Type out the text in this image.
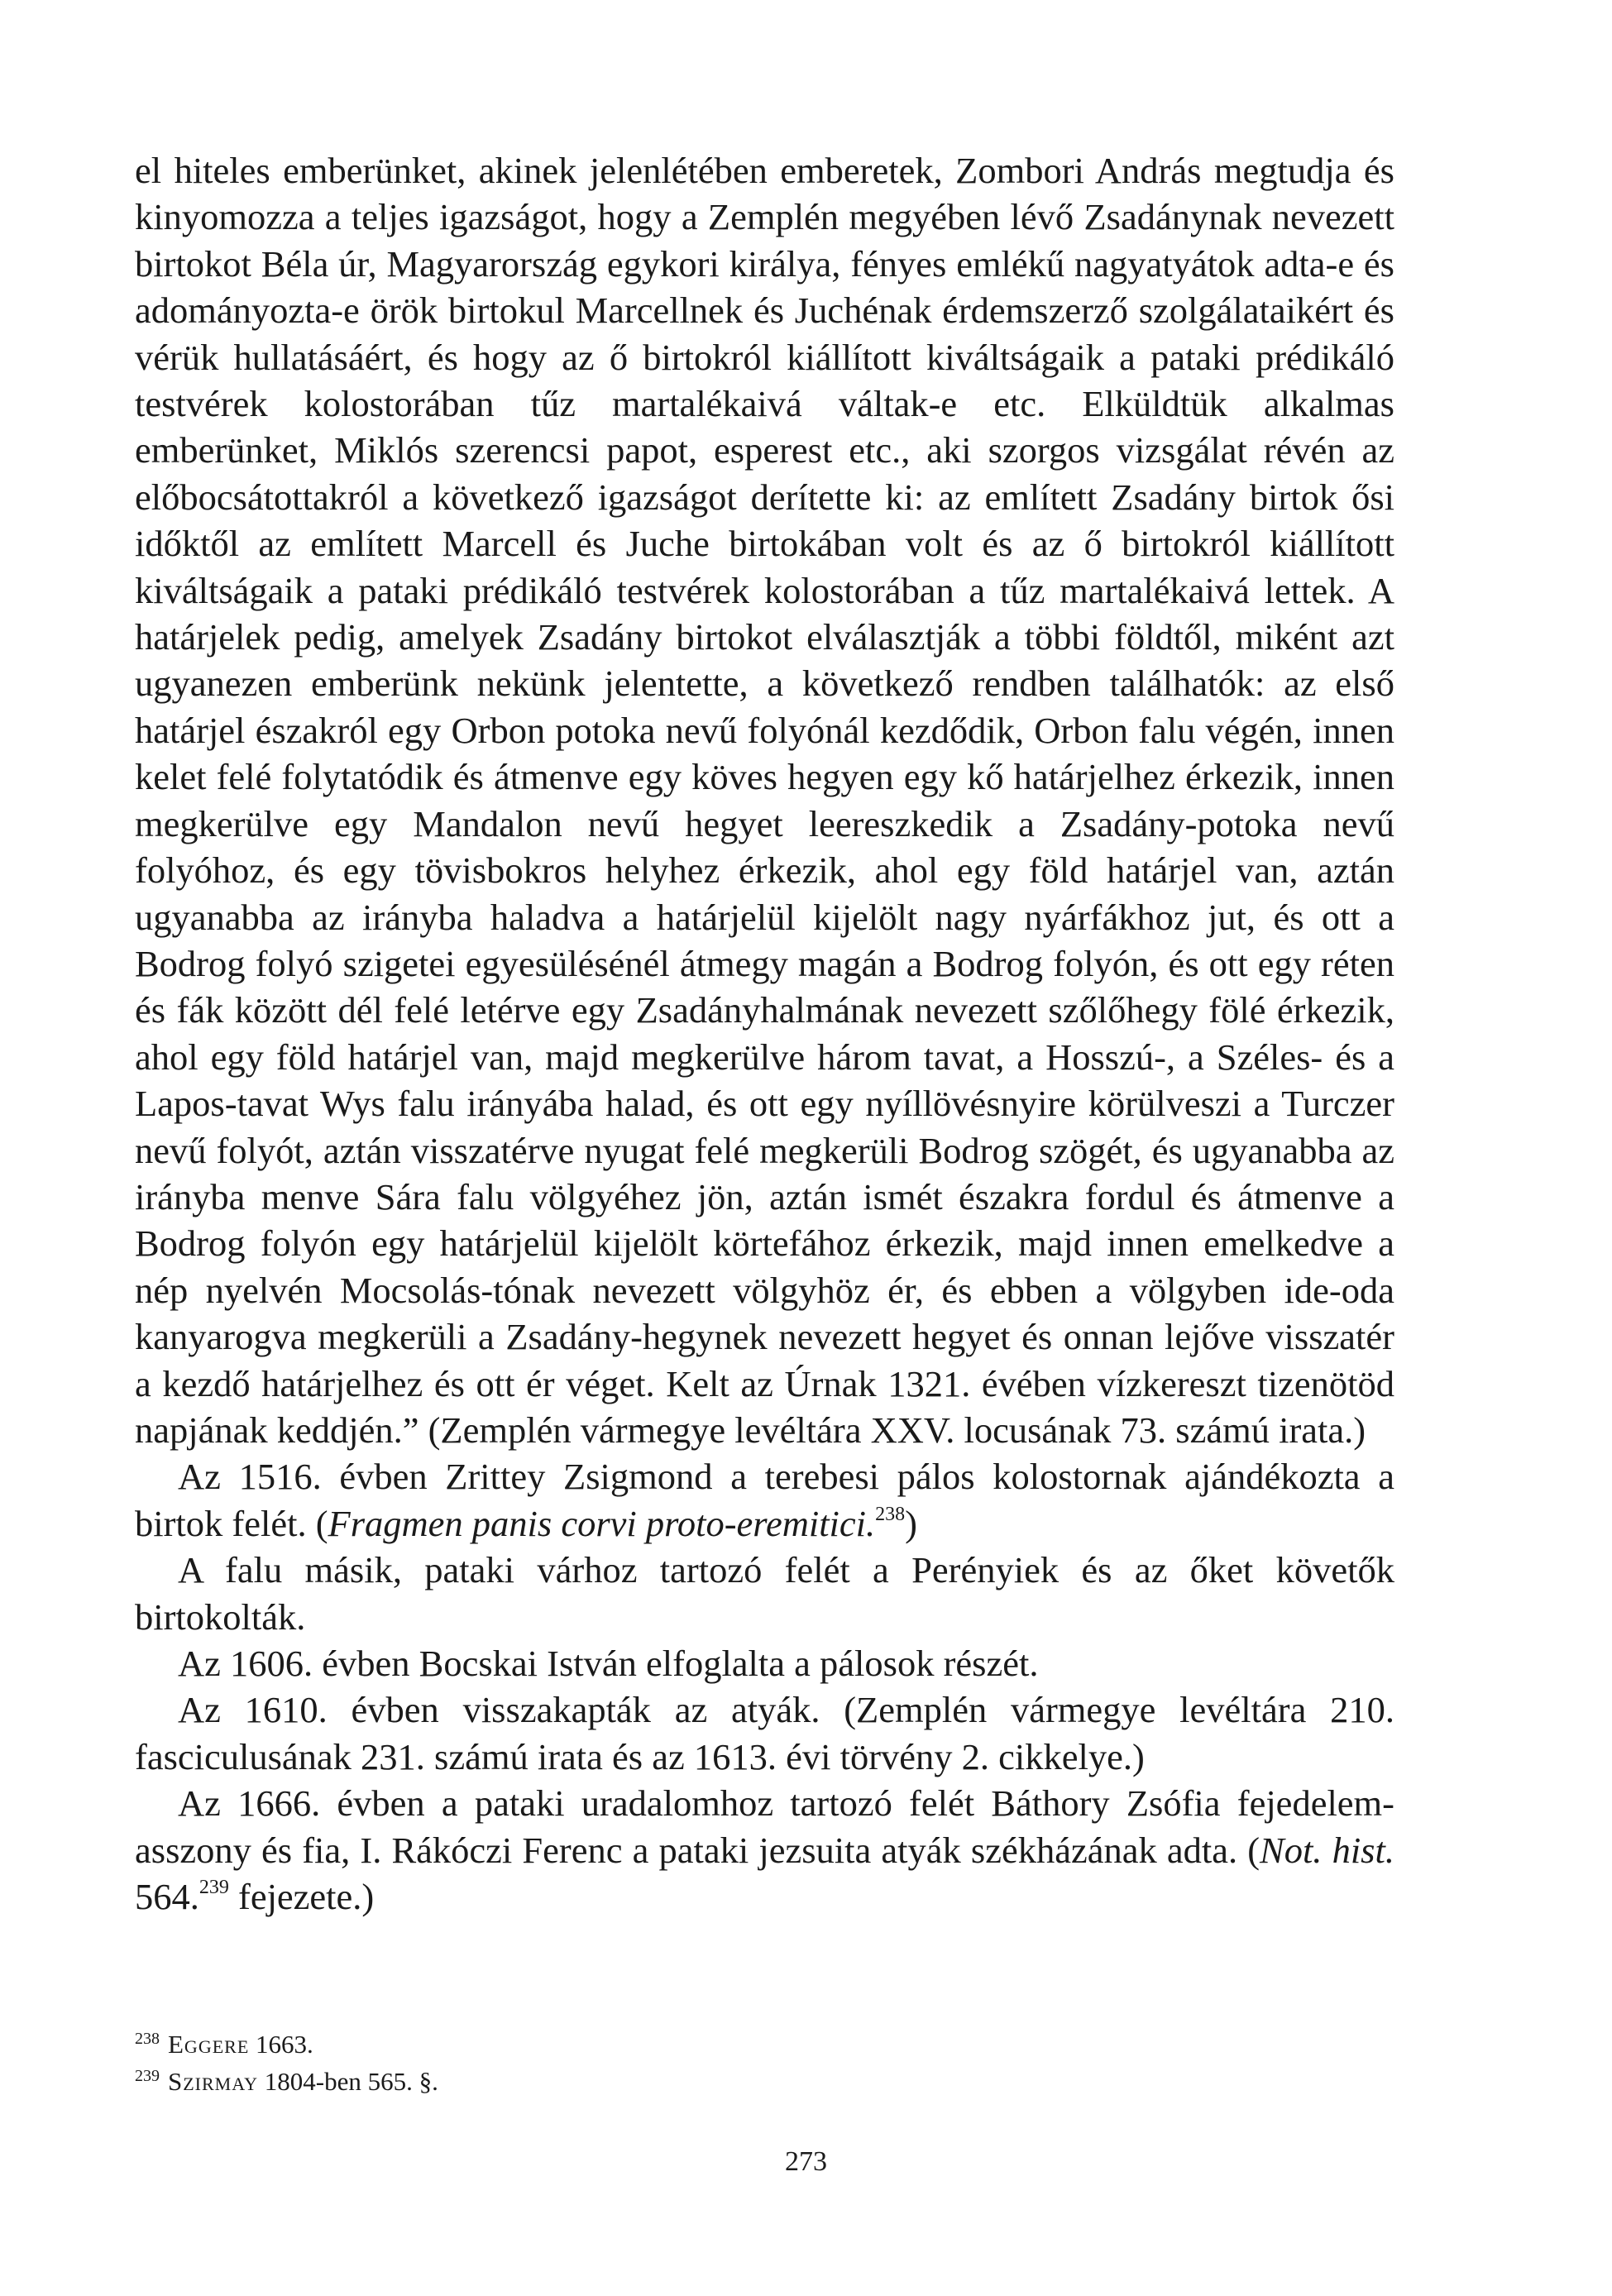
el hiteles emberünket, akinek jelenlétében emberetek, Zombori András megtudja és kinyomozza a teljes igazságot, hogy a Zemplén megyében lévő Zsadánynak nevezett birtokot Béla úr, Magyarország egykori királya, fényes emlékű nagyatyátok adta-e és adományozta-e örök birtokul Marcellnek és Juchénak érdemszerző szolgálataikért és vérük hullatásáért, és hogy az ő birtokról kiállított kiváltságaik a pataki prédikáló testvérek kolostorában tűz martalékaivá váltak-e etc. Elküldtük alkalmas emberünket, Miklós szerencsi papot, esperest etc., aki szorgos vizsgálat révén az előbocsátottakról a következő igazságot derítette ki: az említett Zsadány birtok ősi időktől az említett Marcell és Juche birtokában volt és az ő birtokról kiállított kiváltságaik a pataki prédikáló testvérek kolostorában a tűz martalékaivá lettek. A határjelek pedig, amelyek Zsadány birtokot elválasztják a többi földtől, miként azt ugyanezen emberünk nekünk jelentette, a következő rendben találhatók: az első határjel északról egy Orbon potoka nevű folyónál kezdődik, Orbon falu végén, innen kelet felé folytatódik és átmenve egy köves hegyen egy kő határjelhez érkezik, innen megkerülve egy Mandalon nevű hegyet leereszkedik a Zsadány-potoka nevű folyóhoz, és egy tövisbokros helyhez érkezik, ahol egy föld határjel van, aztán ugyanabba az irányba haladva a határjelül kijelölt nagy nyárfákhoz jut, és ott a Bodrog folyó szigetei egyesülésénél átmegy magán a Bodrog folyón, és ott egy réten és fák között dél felé letérve egy Zsadányhalmának nevezett szőlőhegy fölé érkezik, ahol egy föld határjel van, majd megkerülve három tavat, a Hosszú-, a Széles- és a Lapos-tavat Wys falu irányába halad, és ott egy nyíllövésnyire körülveszi a Turczer nevű folyót, aztán visszatérve nyugat felé megkerüli Bodrog szögét, és ugyanabba az irányba menve Sára falu völgyéhez jön, aztán ismét északra fordul és átmenve a Bodrog folyón egy határjelül kijelölt körtefához érkezik, majd innen emelkedve a nép nyelvén Mocsolás-tónak nevezett völgyhöz ér, és ebben a völgyben ide-oda kanyarogva megkerüli a Zsadány-hegynek nevezett hegyet és onnan lejőve visszatér a kezdő határjelhez és ott ér véget. Kelt az Úrnak 1321. évében vízkereszt tizenötöd napjának keddjén.” (Zemplén vármegye levéltára XXV. locusának 73. számú irata.)

Az 1516. évben Zrittey Zsigmond a terebesi pálos kolostornak ajándékozta a birtok felét. (Fragmen panis corvi proto-eremitici.$^{238}$)

A falu másik, pataki várhoz tartozó felét a Perényiek és az őket követők birtokolták.

Az 1606. évben Bocskai István elfoglalta a pálosok részét.

Az 1610. évben visszakapták az atyák. (Zemplén vármegye levéltára 210. fasciculusának 231. számú irata és az 1613. évi törvény 2. cikkelye.)

Az 1666. évben a pataki uradalomhoz tartozó felét Báthory Zsófia fejedelem-asszony és fia, I. Rákóczi Ferenc a pataki jezsuita atyák székházának adta. (Not. hist. 564.$^{239}$ fejezete.)

$^{238}$ Eggere 1663.

$^{239}$ Szirmay 1804-ben 565. §.

273
